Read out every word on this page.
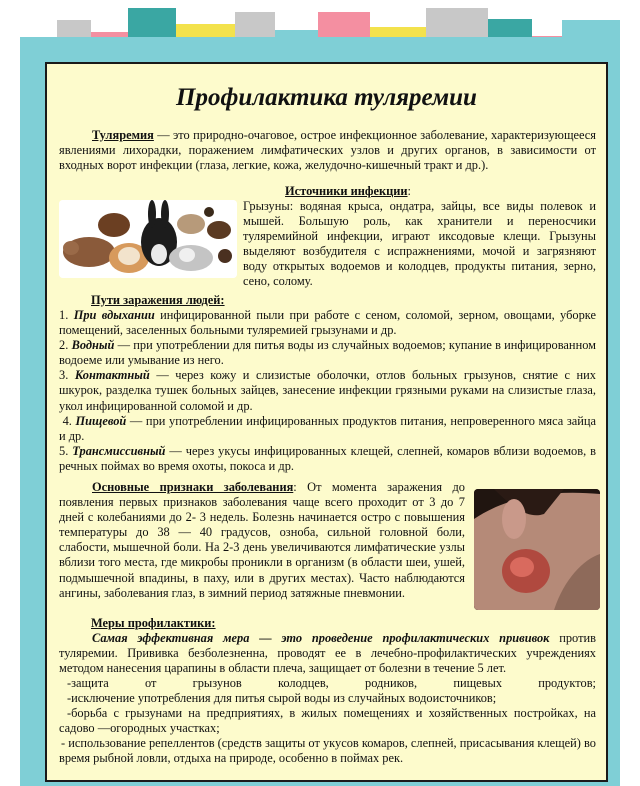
Профилактика туляремии
Туляремия — это природно-очаговое, острое инфекционное заболевание, характеризующееся явлениями лихорадки, поражением лимфатических узлов и других органов, в зависимости от входных ворот инфекции (глаза, легкие, кожа, желудочно-кишечный тракт и др.).
Источники инфекции:
Грызуны: водяная крыса, ондатра, зайцы, все виды полевок и мышей. Большую роль, как хранители и переносчики туляремийной инфекции, играют иксодовые клещи. Грызуны выделяют возбудителя с испражнениями, мочой и загрязняют воду открытых водоемов и колодцев, продукты питания, зерно, сено, солому.
Пути заражения людей:
1. При вдыхании инфицированной пыли при работе с сеном, соломой, зерном, овощами, уборке помещений, заселенных больными туляремией грызунами и др.
2. Водный — при употреблении для питья воды из случайных водоемов; купание в инфицированном водоеме или умывание из него.
3. Контактный — через кожу и слизистые оболочки, отлов больных грызунов, снятие с них шкурок, разделка тушек больных зайцев, занесение инфекции грязными руками на слизистые глаза, укол инфицированной соломой и др.
4. Пищевой — при употреблении инфицированных продуктов питания, непроверенного мяса зайца и др.
5. Трансмиссивный — через укусы инфицированных клещей, слепней, комаров вблизи водоемов, в речных поймах во время охоты, покоса и др.
Основные признаки заболевания: От момента заражения до появления первых признаков заболевания чаще всего проходит от 3 до 7 дней с колебаниями до 2- 3 недель. Болезнь начинается остро с повышения температуры до 38 — 40 градусов, озноба, сильной головной боли, слабости, мышечной боли. На 2-3 день увеличиваются лимфатические узлы вблизи того места, где микробы проникли в организм (в области шеи, ушей, подмышечной впадины, в паху, или в других местах). Часто наблюдаются ангины, заболевания глаз, в зимний период затяжные пневмонии.
Меры профилактики:
Самая эффективная мера — это проведение профилактических прививок против туляремии. Прививка безболезненна, проводят ее в лечебно-профилактических учреждениях методом нанесения царапины в области плеча, защищает от болезни в течение 5 лет.
-защита от грызунов колодцев, родников, пищевых продуктов;
-исключение употребления для питья сырой воды из случайных водоисточников;
-борьба с грызунами на предприятиях, в жилых помещениях и хозяйственных постройках, на садово —огородных участках;
- использование репеллентов (средств защиты от укусов комаров, слепней, присасывания клещей) во время рыбной ловли, отдыха на природе, особенно в поймах рек.
